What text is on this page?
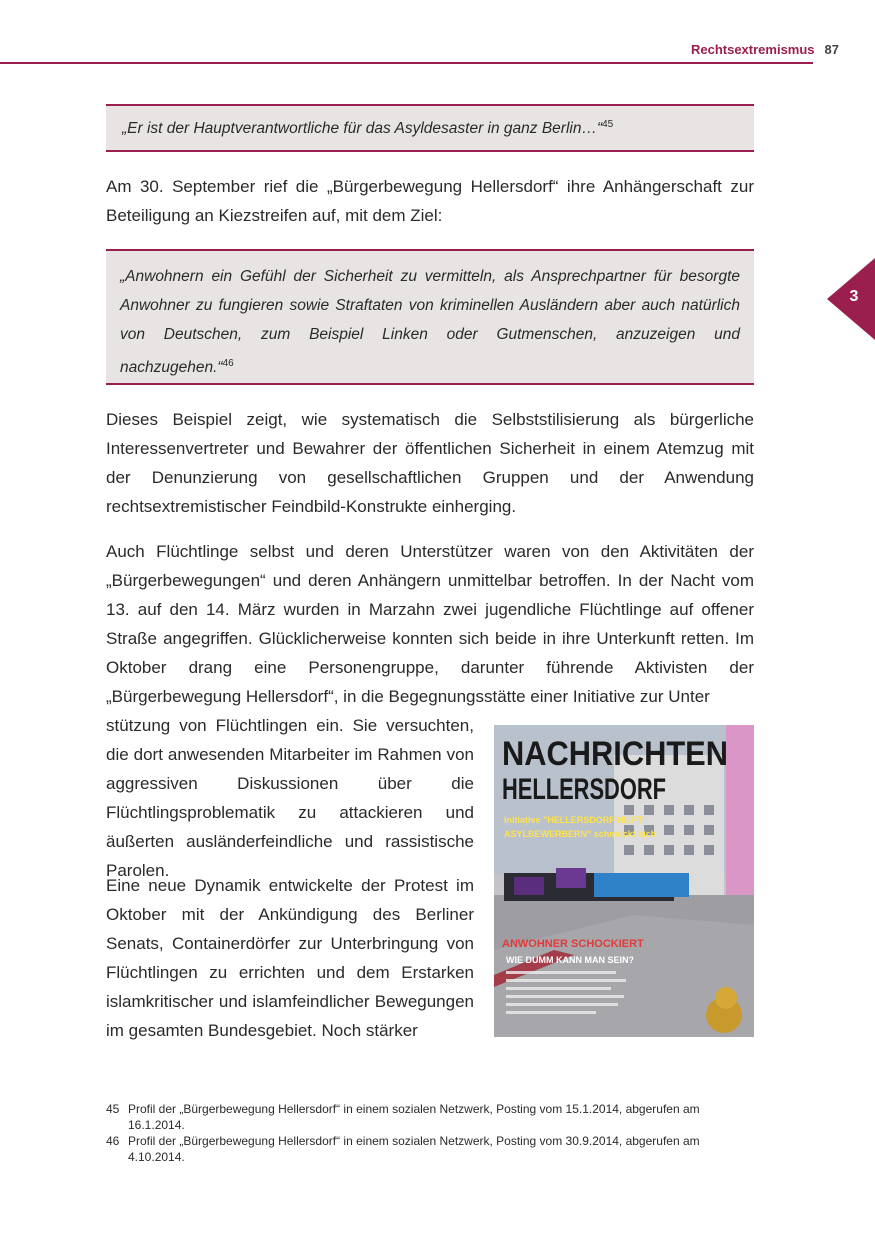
Rechtsextremismus 87
3
„Er ist der Hauptverantwortliche für das Asyldesaster in ganz Berlin…“$^{45}$
Am 30. September rief die „Bürgerbewegung Hellersdorf“ ihre Anhängerschaft zur Beteiligung an Kiezstreifen auf, mit dem Ziel:
„Anwohnern ein Gefühl der Sicherheit zu vermitteln, als Ansprechpartner für besorgte Anwohner zu fungieren sowie Straftaten von kriminellen Ausländern aber auch natürlich von Deutschen, zum Beispiel Linken oder Gutmenschen, anzuzeigen und nachzugehen.“$^{46}$
Dieses Beispiel zeigt, wie systematisch die Selbststilisierung als bürgerliche Interessenvertreter und Bewahrer der öffentlichen Sicherheit in einem Atemzug mit der Denunzierung von gesellschaftlichen Gruppen und der Anwendung rechtsextremistischer Feindbild-Konstrukte einherging.
Auch Flüchtlinge selbst und deren Unterstützer waren von den Aktivitäten der „Bürgerbewegungen“ und deren Anhängern unmittelbar betroffen. In der Nacht vom 13. auf den 14. März wurden in Marzahn zwei jugendliche Flüchtlinge auf offener Straße angegriffen. Glücklicherweise konnten sich beide in ihre Unterkunft retten. Im Oktober drang eine Personengruppe, darunter führende Aktivisten der „Bürgerbewegung Hellersdorf“, in die Begegnungsstätte einer Initiative zur Unter
stützung von Flüchtlingen ein. Sie versuchten, die dort anwesenden Mitarbeiter im Rahmen von aggressiven Diskussionen über die Flüchtlingsproblematik zu attackieren und äußerten ausländerfeindliche und rassistische Parolen.
Eine neue Dynamik entwickelte der Protest im Oktober mit der Ankündigung des Berliner Senats, Containerdörfer zur Unterbringung von Flüchtlingen zu errichten und dem Erstarken islamkritischer und islamfeindlicher Bewegungen im gesamten Bundesgebiet. Noch stärker
NACHRICHTEN
HELLERSDORF
Initiative "HELLERSDORF HILFT
ASYLBEWERBERN" schmückt sich
ANWOHNER SCHOCKIERT
WIE DUMM KANN MAN SEIN?
45 Profil der „Bürgerbewegung Hellersdorf“ in einem sozialen Netzwerk, Posting vom 15.1.2014, abgerufen am 16.1.2014.
46 Profil der „Bürgerbewegung Hellersdorf“ in einem sozialen Netzwerk, Posting vom 30.9.2014, abgerufen am 4.10.2014.
